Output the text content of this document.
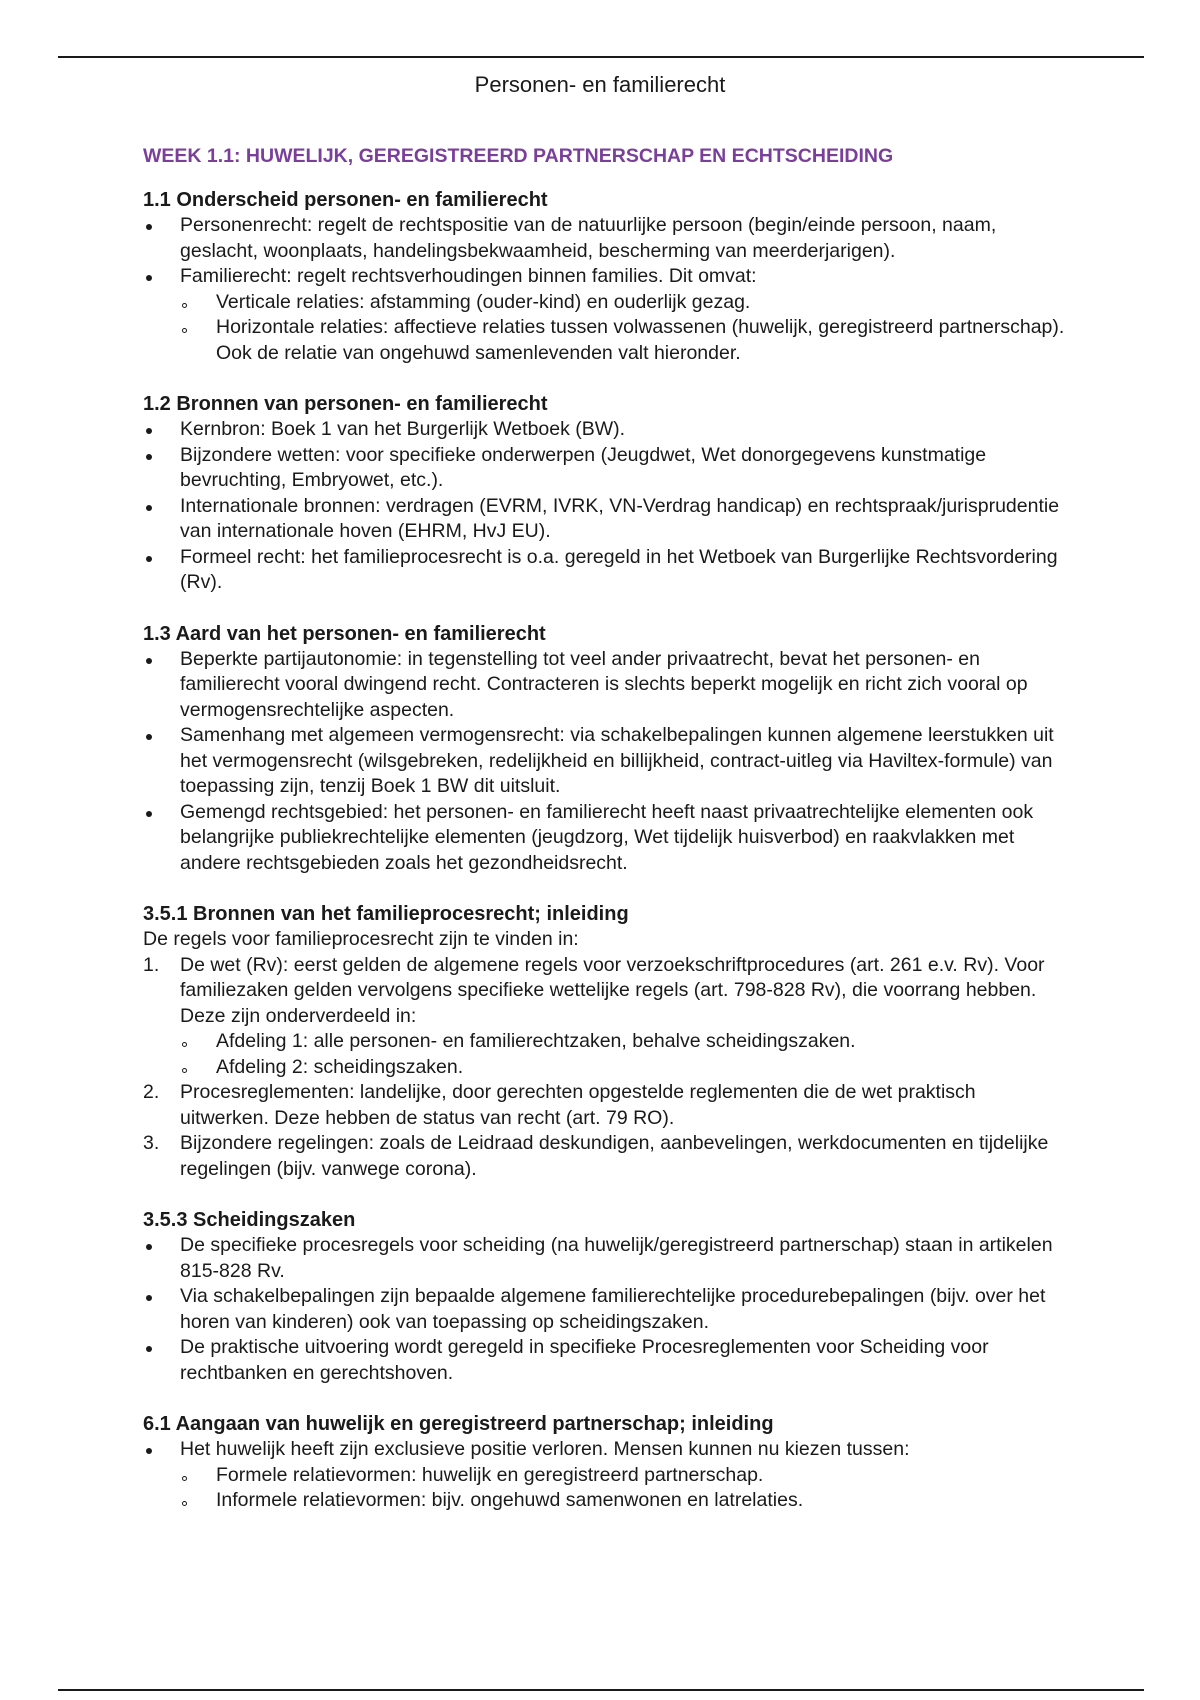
Personen- en familierecht
WEEK 1.1: HUWELIJK, GEREGISTREERD PARTNERSCHAP EN ECHTSCHEIDING
1.1 Onderscheid personen- en familierecht
Personenrecht: regelt de rechtspositie van de natuurlijke persoon (begin/einde persoon, naam, geslacht, woonplaats, handelingsbekwaamheid, bescherming van meerderjarigen).
Familierecht: regelt rechtsverhoudingen binnen families. Dit omvat:
Verticale relaties: afstamming (ouder-kind) en ouderlijk gezag.
Horizontale relaties: affectieve relaties tussen volwassenen (huwelijk, geregistreerd partnerschap). Ook de relatie van ongehuwd samenlevenden valt hieronder.
1.2 Bronnen van personen- en familierecht
Kernbron: Boek 1 van het Burgerlijk Wetboek (BW).
Bijzondere wetten: voor specifieke onderwerpen (Jeugdwet, Wet donorgegevens kunstmatige bevruchting, Embryowet, etc.).
Internationale bronnen: verdragen (EVRM, IVRK, VN-Verdrag handicap) en rechtspraak/jurisprudentie van internationale hoven (EHRM, HvJ EU).
Formeel recht: het familieprocesrecht is o.a. geregeld in het Wetboek van Burgerlijke Rechtsvordering (Rv).
1.3 Aard van het personen- en familierecht
Beperkte partijautonomie: in tegenstelling tot veel ander privaatrecht, bevat het personen- en familierecht vooral dwingend recht. Contracteren is slechts beperkt mogelijk en richt zich vooral op vermogensrechtelijke aspecten.
Samenhang met algemeen vermogensrecht: via schakelbepalingen kunnen algemene leerstukken uit het vermogensrecht (wilsgebreken, redelijkheid en billijkheid, contract-uitleg via Haviltex-formule) van toepassing zijn, tenzij Boek 1 BW dit uitsluit.
Gemengd rechtsgebied: het personen- en familierecht heeft naast privaatrechtelijke elementen ook belangrijke publiekrechtelijke elementen (jeugdzorg, Wet tijdelijk huisverbod) en raakvlakken met andere rechtsgebieden zoals het gezondheidsrecht.
3.5.1 Bronnen van het familieprocesrecht; inleiding
De regels voor familieprocesrecht zijn te vinden in:
1.	De wet (Rv): eerst gelden de algemene regels voor verzoekschriftprocedures (art. 261 e.v. Rv). Voor familiezaken gelden vervolgens specifieke wettelijke regels (art. 798-828 Rv), die voorrang hebben. Deze zijn onderverdeeld in:
Afdeling 1: alle personen- en familierechtzaken, behalve scheidingszaken.
Afdeling 2: scheidingszaken.
2.	Procesreglementen: landelijke, door gerechten opgestelde reglementen die de wet praktisch uitwerken. Deze hebben de status van recht (art. 79 RO).
3.	Bijzondere regelingen: zoals de Leidraad deskundigen, aanbevelingen, werkdocumenten en tijdelijke regelingen (bijv. vanwege corona).
3.5.3 Scheidingszaken
De specifieke procesregels voor scheiding (na huwelijk/geregistreerd partnerschap) staan in artikelen 815-828 Rv.
Via schakelbepalingen zijn bepaalde algemene familierechtelijke procedurebepalingen (bijv. over het horen van kinderen) ook van toepassing op scheidingszaken.
De praktische uitvoering wordt geregeld in specifieke Procesreglementen voor Scheiding voor rechtbanken en gerechtshoven.
6.1 Aangaan van huwelijk en geregistreerd partnerschap; inleiding
Het huwelijk heeft zijn exclusieve positie verloren. Mensen kunnen nu kiezen tussen:
Formele relatievormen: huwelijk en geregistreerd partnerschap.
Informele relatievormen: bijv. ongehuwd samenwonen en latrelaties.
